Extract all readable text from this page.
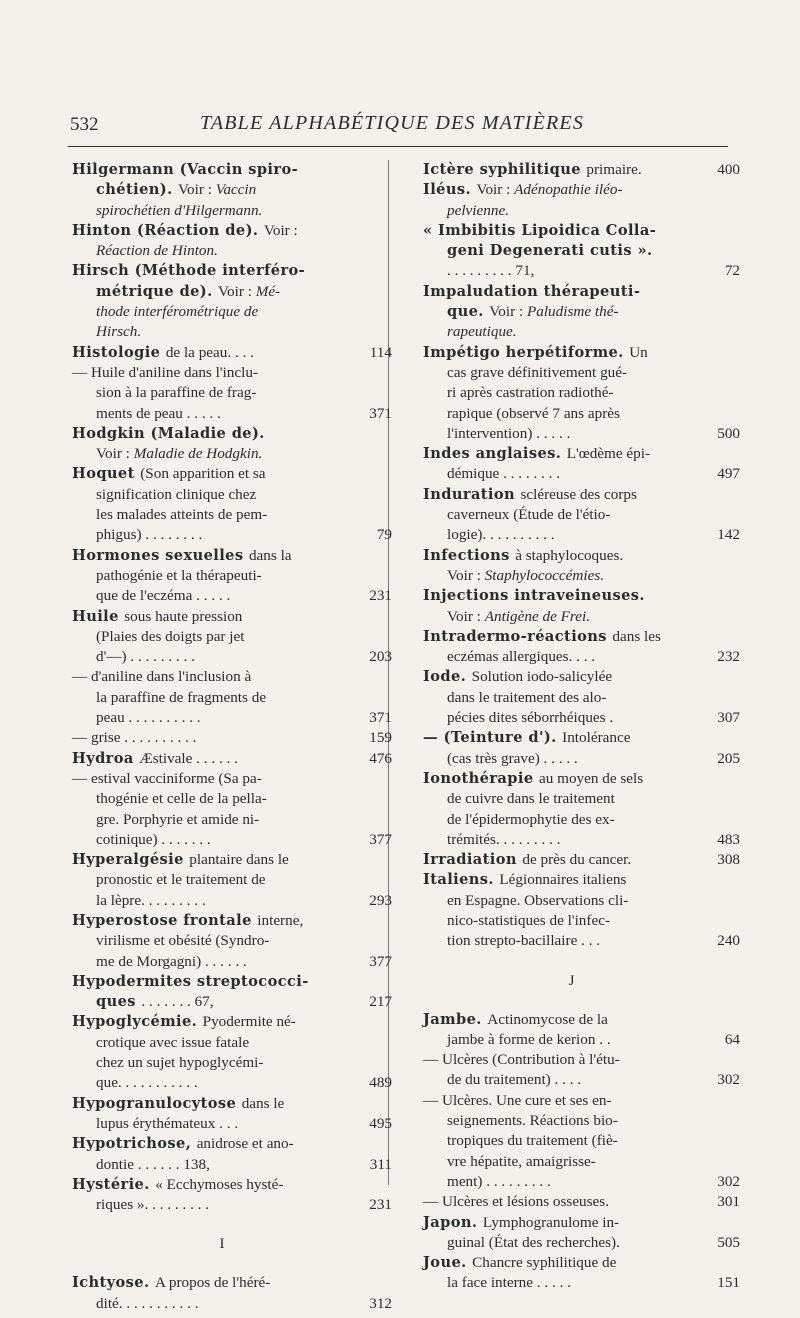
532	TABLE ALPHABÉTIQUE DES MATIÈRES
Hilgermann (Vaccin spiro-
chétien). Voir : Vaccin
spirochétien d'Hilgermann.
Hinton (Réaction de). Voir :
Réaction de Hinton.
Hirsch (Méthode interféro-
métrique de). Voir : Mé-
thode interférométrique de
Hirsch.
Histologie de la peau. . . .	114
— Huile d'aniline dans l'inclu-
sion à la paraffine de frag-
ments de peau . . . . .	371
Hodgkin (Maladie de).
Voir : Maladie de Hodgkin.
Hoquet (Son apparition et sa
signification clinique chez
les malades atteints de pem-
phigus) . . . . . . . .	79
Hormones sexuelles dans la
pathogénie et la thérapeuti-
que de l'eczéma . . . . .	231
Huile sous haute pression
(Plaies des doigts par jet
d'—) . . . . . . . . .	203
— d'aniline dans l'inclusion à
la paraffine de fragments de
peau . . . . . . . . . .	371
— grise . . . . . . . . . .	159
Hydroa Æstivale . . . . . .	476
— estival vacciniforme (Sa pa-
thogénie et celle de la pella-
gre. Porphyrie et amide ni-
cotinique) . . . . . . .	377
Hyperalgésie plantaire dans le
pronostic et le traitement de
la lèpre. . . . . . . . .	293
Hyperostose frontale interne,
virilisme et obésité (Syndro-
me de Morgagni) . . . . . .	377
Hypodermites streptococci-
ques . . . . . . . 67,	217
Hypoglycémie. Pyodermite né-
crotique avec issue fatale
chez un sujet hypoglycémi-
que. . . . . . . . . . .	489
Hypogranulocytose dans le
lupus érythémateux . . .	495
Hypotrichose, anidrose et ano-
dontie . . . . . . 138,	311
Hystérie. « Ecchymoses hysté-
riques ». . . . . . . . .	231
I
Ichtyose. A propos de l'héré-
dité. . . . . . . . . . .	312
Ictère syphilitique primaire.	400
Iléus. Voir : Adénopathie iléo-
pelvienne.
« Imbibitis Lipoidica Colla-
geni Degenerati cutis ».
. . . . . . . . . 71,	72
Impaludation thérapeuti-
que. Voir : Paludisme thé-
rapeutique.
Impétigo herpétiforme. Un
cas grave définitivement gué-
ri après castration radiothé-
rapique (observé 7 ans après
l'intervention) . . . . .	500
Indes anglaises. L'œdème épi-
démique . . . . . . . .	497
Induration scléreuse des corps
caverneux (Étude de l'étio-
logie). . . . . . . . . .	142
Infections à staphylocoques.
Voir : Staphylococcémies.
Injections intraveineuses.
Voir : Antigène de Frei.
Intradermo-réactions dans les
eczémas allergiques. . . .	232
Iode. Solution iodo-salicylée
dans le traitement des alo-
pécies dites séborrhéiques .	307
— (Teinture d'). Intolérance
(cas très grave) . . . . .	205
Ionothérapie au moyen de sels
de cuivre dans le traitement
de l'épidermophytie des ex-
trémités. . . . . . . . .	483
Irradiation de près du cancer.	308
Italiens. Légionnaires italiens
en Espagne. Observations cli-
nico-statistiques de l'infec-
tion strepto-bacillaire . . .	240
J
Jambe. Actinomycose de la
jambe à forme de kerion . .	64
— Ulcères (Contribution à l'étu-
de du traitement) . . . .	302
— Ulcères. Une cure et ses en-
seignements. Réactions bio-
tropiques du traitement (fiè-
vre hépatite, amaigrisse-
ment) . . . . . . . . .	302
— Ulcères et lésions osseuses.	301
Japon. Lymphogranulome in-
guinal (État des recherches).	505
Joue. Chancre syphilitique de
la face interne . . . . .	151
